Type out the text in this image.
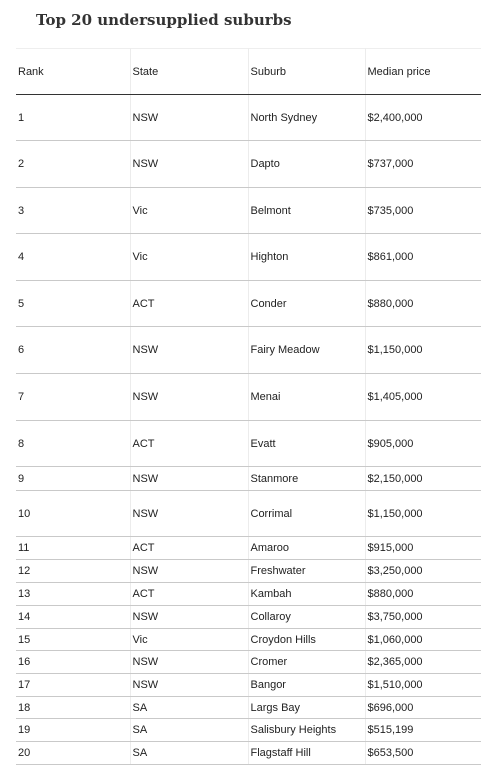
Top 20 undersupplied suburbs
Rank	State	Suburb	Median price
1	NSW	North Sydney	$2,400,000
2	NSW	Dapto	$737,000
3	Vic	Belmont	$735,000
4	Vic	Highton	$861,000
5	ACT	Conder	$880,000
6	NSW	Fairy Meadow	$1,150,000
7	NSW	Menai	$1,405,000
8	ACT	Evatt	$905,000
9	NSW	Stanmore	$2,150,000
10	NSW	Corrimal	$1,150,000
11	ACT	Amaroo	$915,000
12	NSW	Freshwater	$3,250,000
13	ACT	Kambah	$880,000
14	NSW	Collaroy	$3,750,000
15	Vic	Croydon Hills	$1,060,000
16	NSW	Cromer	$2,365,000
17	NSW	Bangor	$1,510,000
18	SA	Largs Bay	$696,000
19	SA	Salisbury Heights	$515,199
20	SA	Flagstaff Hill	$653,500
